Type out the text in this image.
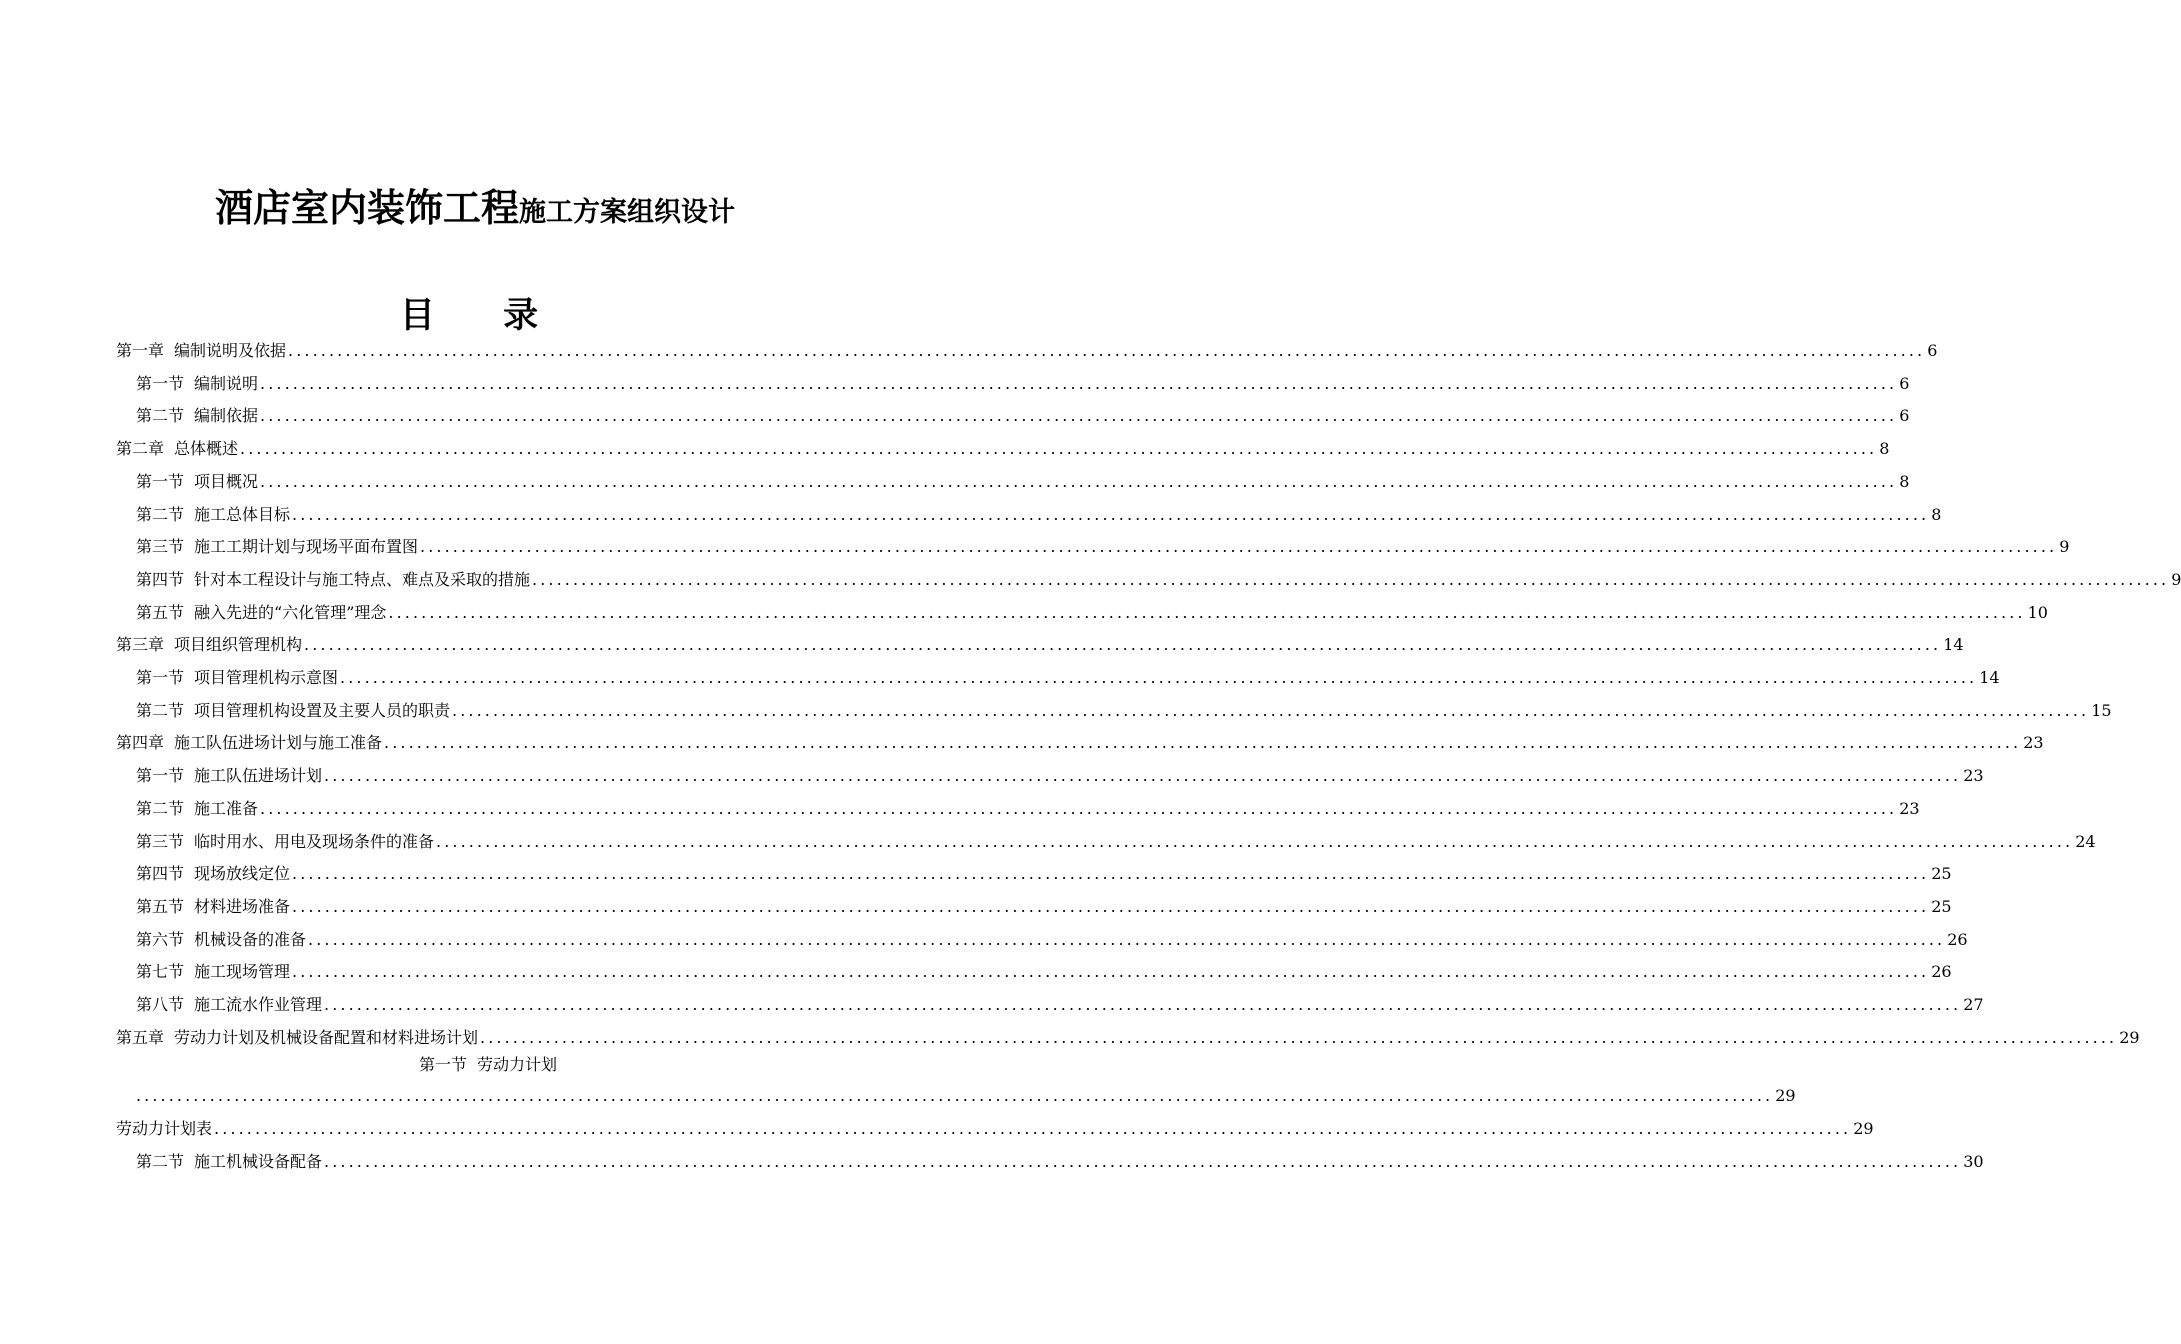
酒店室内装饰工程施工方案组织设计
目 录
第一章 编制说明及依据 ........................................................................................................................................................................................................ 6
第一节 编制说明 ........................................................................................................................................................................................................ 6
第二节 编制依据 ........................................................................................................................................................................................................ 6
第二章 总体概述 ........................................................................................................................................................................................................ 8
第一节 项目概况 ........................................................................................................................................................................................................ 8
第二节 施工总体目标 ........................................................................................................................................................................................................ 8
第三节 施工工期计划与现场平面布置图 ........................................................................................................................................................................................................ 9
第四节 针对本工程设计与施工特点、难点及采取的措施 ........................................................................................................................................................................................................ 9
第五节 融入先进的“六化管理”理念 ........................................................................................................................................................................................................ 10
第三章 项目组织管理机构 ........................................................................................................................................................................................................ 14
第一节 项目管理机构示意图 ........................................................................................................................................................................................................ 14
第二节 项目管理机构设置及主要人员的职责 ........................................................................................................................................................................................................ 15
第四章 施工队伍进场计划与施工准备 ........................................................................................................................................................................................................ 23
第一节 施工队伍进场计划 ........................................................................................................................................................................................................ 23
第二节 施工准备 ........................................................................................................................................................................................................ 23
第三节 临时用水、用电及现场条件的准备 ........................................................................................................................................................................................................ 24
第四节 现场放线定位 ........................................................................................................................................................................................................ 25
第五节 材料进场准备 ........................................................................................................................................................................................................ 25
第六节 机械设备的准备 ........................................................................................................................................................................................................ 26
第七节 施工现场管理 ........................................................................................................................................................................................................ 26
第八节 施工流水作业管理 ........................................................................................................................................................................................................ 27
第五章 劳动力计划及机械设备配置和材料进场计划 ........................................................................................................................................................................................................ 29
第一节 劳动力计划
........................................................................................................................................................................................................ 29
劳动力计划表 ........................................................................................................................................................................................................ 29
第二节 施工机械设备配备 ........................................................................................................................................................................................................ 30
